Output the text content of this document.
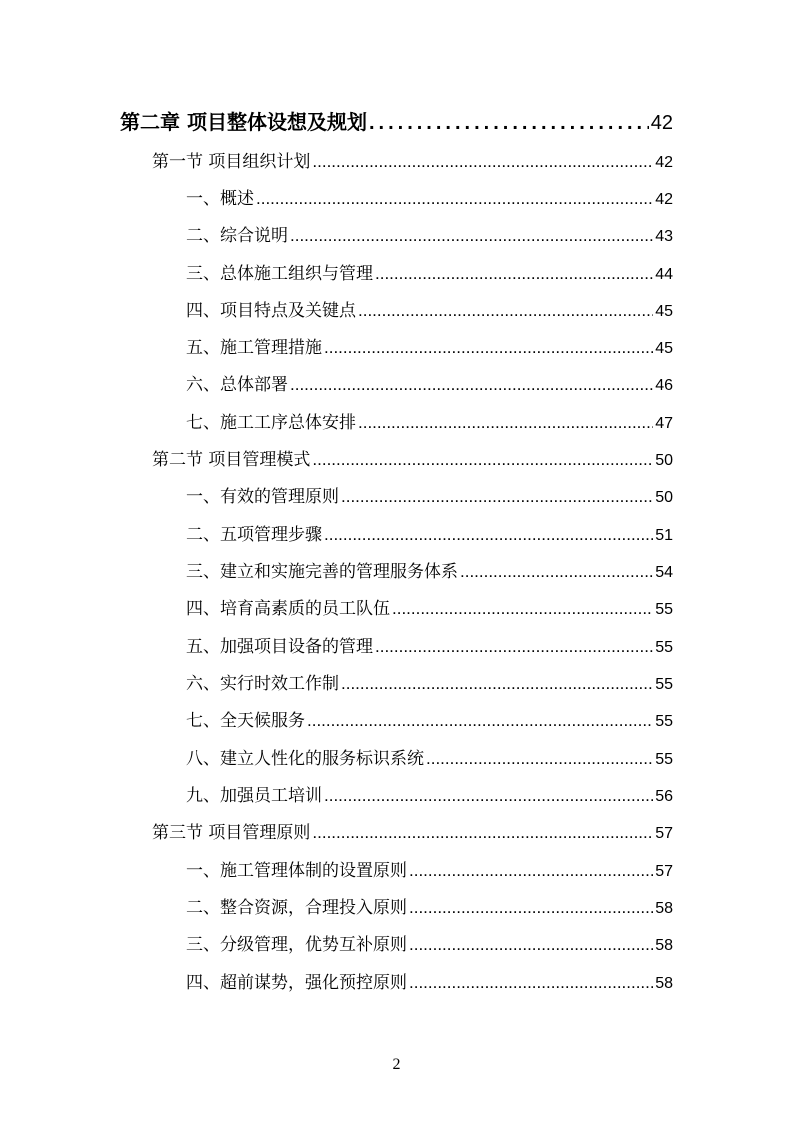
第二章 项目整体设想及规划 .....	42
第一节 项目组织计划 .....	42
一、概述 .....	42
二、综合说明 .....	43
三、总体施工组织与管理 .....	44
四、项目特点及关键点 .....	45
五、施工管理措施 .....	45
六、总体部署 .....	46
七、施工工序总体安排 .....	47
第二节 项目管理模式 .....	50
一、有效的管理原则 .....	50
二、五项管理步骤 .....	51
三、建立和实施完善的管理服务体系 .....	54
四、培育高素质的员工队伍 .....	55
五、加强项目设备的管理 .....	55
六、实行时效工作制 .....	55
七、全天候服务 .....	55
八、建立人性化的服务标识系统 .....	55
九、加强员工培训 .....	56
第三节 项目管理原则 .....	57
一、施工管理体制的设置原则 .....	57
二、整合资源，合理投入原则 .....	58
三、分级管理，优势互补原则 .....	58
四、超前谋势，强化预控原则 .....	58
2
